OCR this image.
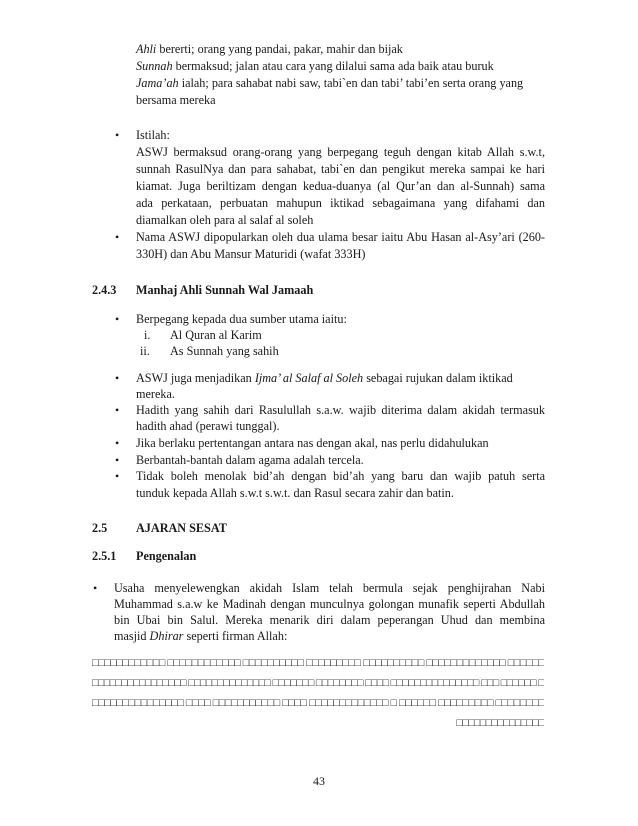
Ahli bererti; orang yang pandai, pakar, mahir dan bijak
Sunnah bermaksud; jalan atau cara yang dilalui sama ada baik atau buruk
Jama’ah ialah; para sahabat nabi saw, tabi`en dan tabi’ tabi’en serta orang yang
bersama mereka
• Istilah:
ASWJ bermaksud orang-orang yang berpegang teguh dengan kitab Allah s.w.t,
sunnah RasulNya dan para sahabat, tabi`en dan pengikut mereka sampai ke hari
kiamat. Juga beriltizam dengan kedua-duanya (al Qur’an dan al-Sunnah) sama
ada perkataan, perbuatan mahupun iktikad sebagaimana yang difahami dan
diamalkan oleh para al salaf al soleh
• Nama ASWJ dipopularkan oleh dua ulama besar iaitu Abu Hasan al-Asy’ari (260-
330H) dan Abu Mansur Maturidi (wafat 333H)
2.4.3 Manhaj Ahli Sunnah Wal Jamaah
• Berpegang kepada dua sumber utama iaitu:
i. Al Quran al Karim
ii. As Sunnah yang sahih
• ASWJ juga menjadikan Ijma’ al Salaf al Soleh sebagai rujukan dalam iktikad
mereka.
• Hadith yang sahih dari Rasulullah s.a.w. wajib diterima dalam akidah termasuk
hadith ahad (perawi tunggal).
• Jika berlaku pertentangan antara nas dengan akal, nas perlu didahulukan
• Berbantah-bantah dalam agama adalah tercela.
• Tidak boleh menolak bid’ah dengan bid’ah yang baru dan wajib patuh serta
tunduk kepada Allah s.w.t s.w.t. dan Rasul secara zahir dan batin.
2.5 AJARAN SESAT
2.5.1 Pengenalan
• Usaha menyelewengkan akidah Islam telah bermula sejak penghijrahan Nabi
Muhammad s.a.w ke Madinah dengan munculnya golongan munafik seperti Abdullah
bin Ubai bin Salul. Mereka menarik diri dalam peperangan Uhud dan membina
masjid Dhirar seperti firman Allah:
□□□□□□□□□□□□ □□□□□□□□□□□□ □□□□□□□□□□ □□□□□□□□□ □□□□□□□□□□ □□□□□□□□□□□□□ □□□□□□
□□□□□□□□□□□□□□□□ □□□□□□□□□□□□□□ □□□□□□□ □□□□□□□□ □□□□ □□□□□□□□□□□□□□□ □□□ □□□□□□ □
□□□□□□□□□□□□□□□ □□□□ □□□□□□□□□□□ □□□□ □□□□□□□□□□□□□ □ □□□□□□ □□□□□□□□□ □□□□□□□□
□□□□□□□□□□□□□□□
43
